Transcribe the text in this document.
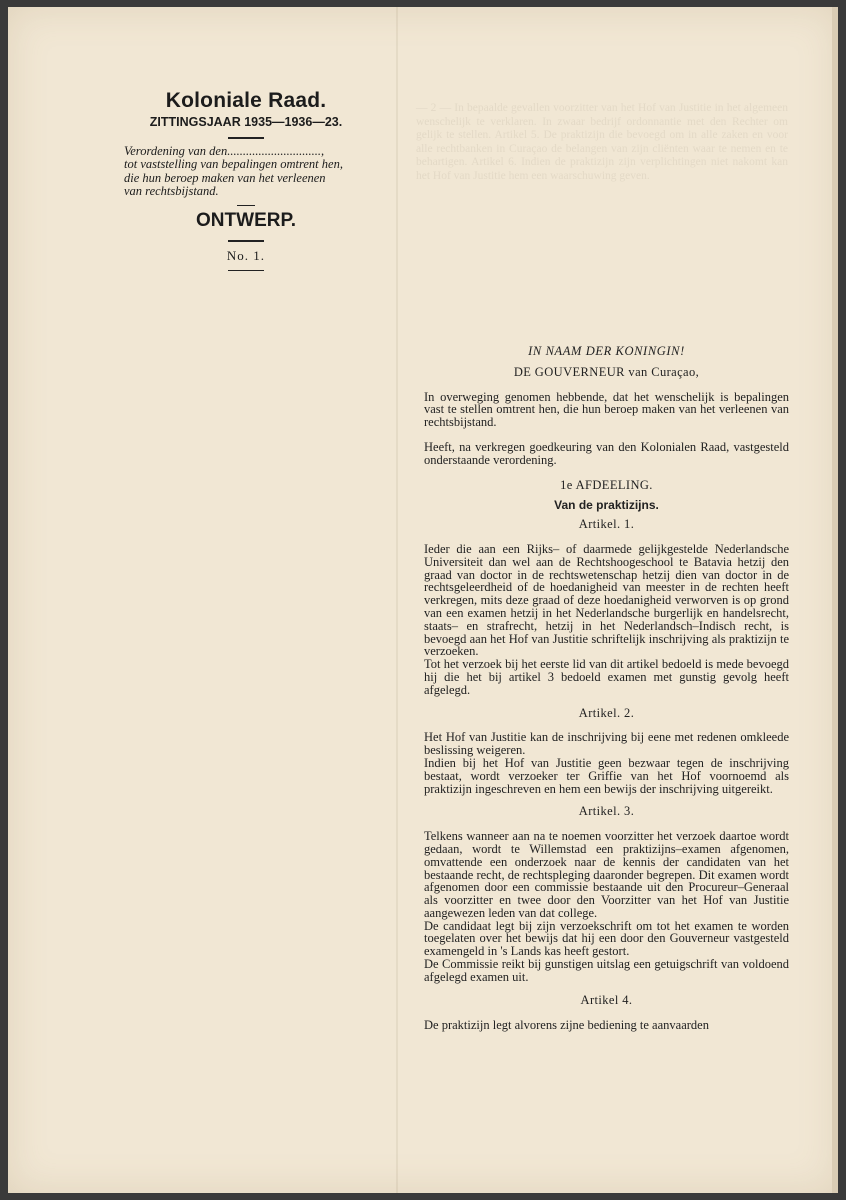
— 2 — In bepaalde gevallen voorzitter van het Hof van Justitie in het algemeen wenschelijk te verklaren. In zwaar bedrijf ordonnantie met den Rechter om gelijk te stellen. Artikel 5. De praktizijn die bevoegd om in alle zaken en voor alle rechtbanken in Curaçao de belangen van zijn cliënten waar te nemen en te behartigen. Artikel 6. Indien de praktizijn zijn verplichtingen niet nakomt kan het Hof van Justitie hem een waarschuwing geven.
Koloniale Raad.
ZITTINGSJAAR 1935—1936—23.
Verordening van den..............................,
tot vaststelling van bepalingen omtrent hen,
die hun beroep maken van het verleenen
van rechtsbijstand.
ONTWERP.
No. 1.
IN NAAM DER KONINGIN!
DE GOUVERNEUR van Curaçao,

In overweging genomen hebbende, dat het wenschelijk is bepalingen vast te stellen omtrent hen, die hun beroep maken van het verleenen van rechtsbijstand.

Heeft, na verkregen goedkeuring van den Kolonialen Raad, vastgesteld onderstaande verordening.

1e AFDEELING.
Van de praktizijns.
Artikel. 1.

Ieder die aan een Rijks– of daarmede gelijkgestelde Nederlandsche Universiteit dan wel aan de Rechtshoogeschool te Batavia hetzij den graad van doctor in de rechtswetenschap hetzij dien van doctor in de rechtsgeleerdheid of de hoedanigheid van meester in de rechten heeft verkregen, mits deze graad of deze hoedanigheid verworven is op grond van een examen hetzij in het Nederlandsche burgerlijk en handelsrecht, staats– en strafrecht, hetzij in het Nederlandsch–Indisch recht, is bevoegd aan het Hof van Justitie schriftelijk inschrijving als praktizijn te verzoeken.

Tot het verzoek bij het eerste lid van dit artikel bedoeld is mede bevoegd hij die het bij artikel 3 bedoeld examen met gunstig gevolg heeft afgelegd.

Artikel. 2.

Het Hof van Justitie kan de inschrijving bij eene met redenen omkleede beslissing weigeren.

Indien bij het Hof van Justitie geen bezwaar tegen de inschrijving bestaat, wordt verzoeker ter Griffie van het Hof voornoemd als praktizijn ingeschreven en hem een bewijs der inschrijving uitgereikt.

Artikel. 3.

Telkens wanneer aan na te noemen voorzitter het verzoek daartoe wordt gedaan, wordt te Willemstad een praktizijns–examen afgenomen, omvattende een onderzoek naar de kennis der candidaten van het bestaande recht, de rechtspleging daaronder begrepen. Dit examen wordt afgenomen door een commissie bestaande uit den Procureur–Generaal als voorzitter en twee door den Voorzitter van het Hof van Justitie aangewezen leden van dat college.

De candidaat legt bij zijn verzoekschrift om tot het examen te worden toegelaten over het bewijs dat hij een door den Gouverneur vastgesteld examengeld in 's Lands kas heeft gestort.

De Commissie reikt bij gunstigen uitslag een getuigschrift van voldoend afgelegd examen uit.

Artikel 4.

De praktizijn legt alvorens zijne bediening te aanvaarden
